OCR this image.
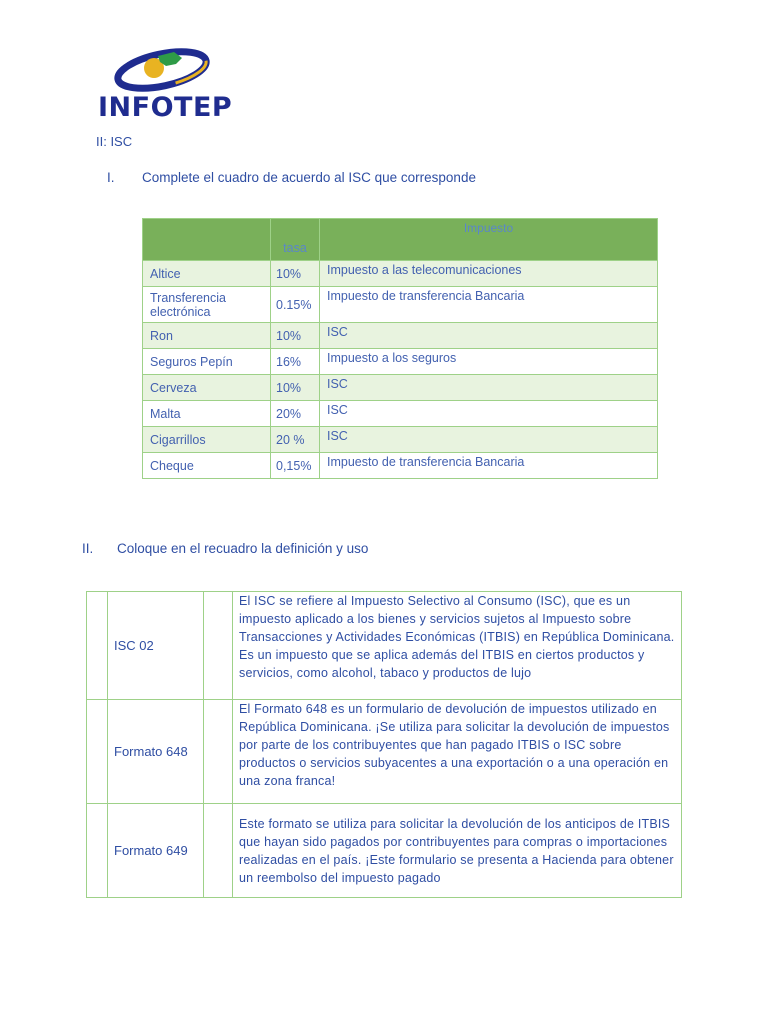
INFOTEP
II: ISC
I. Complete el cuadro de acuerdo al ISC que corresponde
	tasa	Impuesto
Altice	10%	Impuesto a las telecomunicaciones
Transferencia electrónica	0.15%	Impuesto de transferencia Bancaria
Ron	10%	ISC
Seguros Pepín	16%	Impuesto a los seguros
Cerveza	10%	ISC
Malta	20%	ISC
Cigarrillos	20 %	ISC
Cheque	0,15%	Impuesto de transferencia Bancaria
II. Coloque en el recuadro la definición y uso
	ISC 02		El ISC se refiere al Impuesto Selectivo al Consumo (ISC), que es un impuesto aplicado a los bienes y servicios sujetos al Impuesto sobre Transacciones y Actividades Económicas (ITBIS) en República Dominicana. Es un impuesto que se aplica además del ITBIS en ciertos productos y servicios, como alcohol, tabaco y productos de lujo
	Formato 648		El Formato 648 es un formulario de devolución de impuestos utilizado en República Dominicana. ¡Se utiliza para solicitar la devolución de impuestos por parte de los contribuyentes que han pagado ITBIS o ISC sobre productos o servicios subyacentes a una exportación o a una operación en una zona franca!
	Formato 649		Este formato se utiliza para solicitar la devolución de los anticipos de ITBIS que hayan sido pagados por contribuyentes para compras o importaciones realizadas en el país. ¡Este formulario se presenta a Hacienda para obtener un reembolso del impuesto pagado
